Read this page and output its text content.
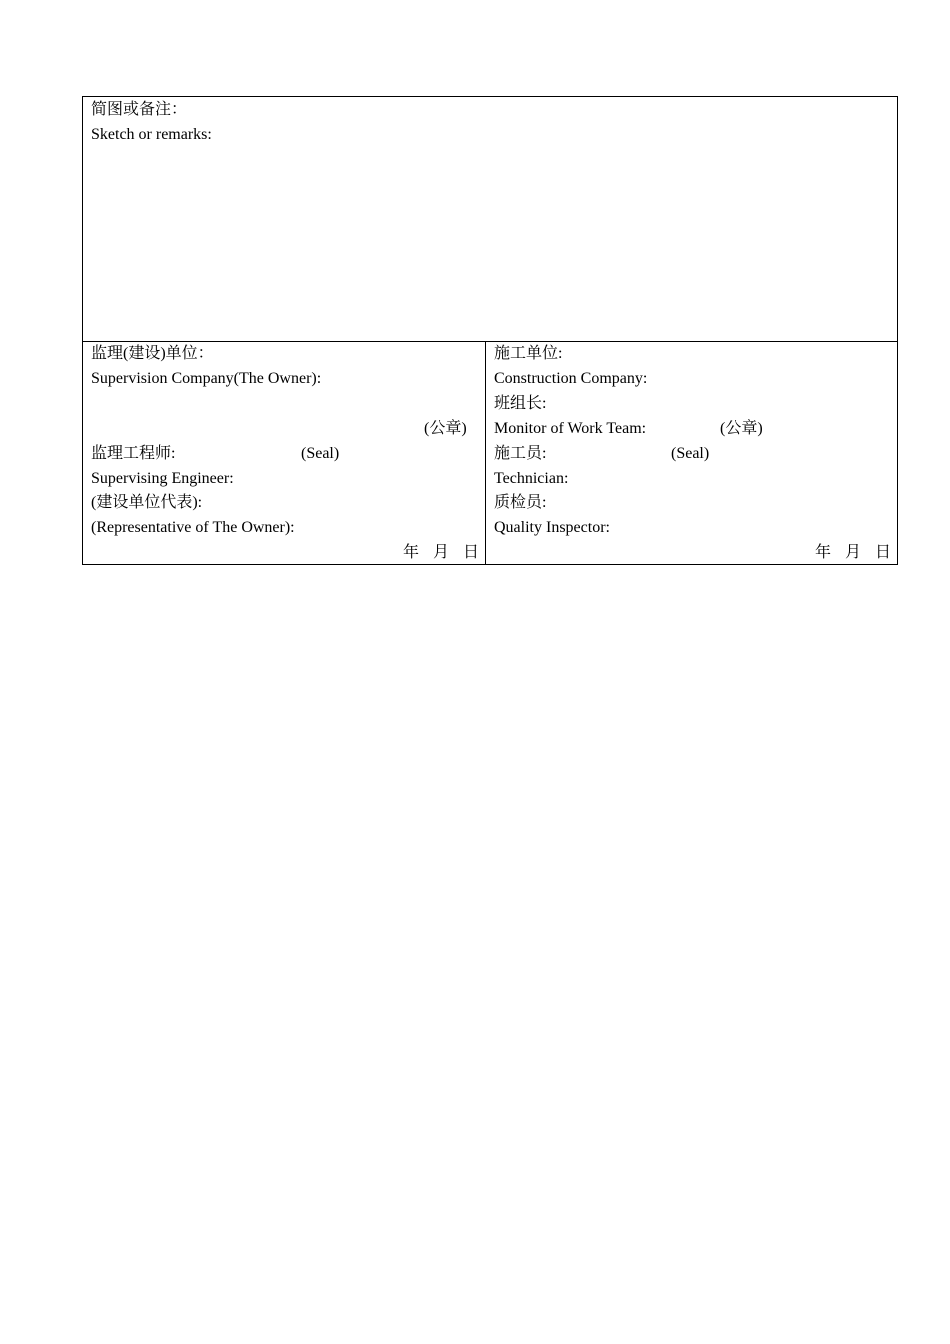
简图或备注：
Sketch or remarks:
监理(建设)单位：
Supervision Company(The Owner):
(公章)
监理工程师:	(Seal)
Supervising Engineer:
(建设单位代表):
(Representative of The Owner):
年 月 日
施工单位:
Construction Company:
班组长:
Monitor of Work Team:	(公章)
施工员:	(Seal)
Technician:
质检员:
Quality Inspector:
年 月 日
